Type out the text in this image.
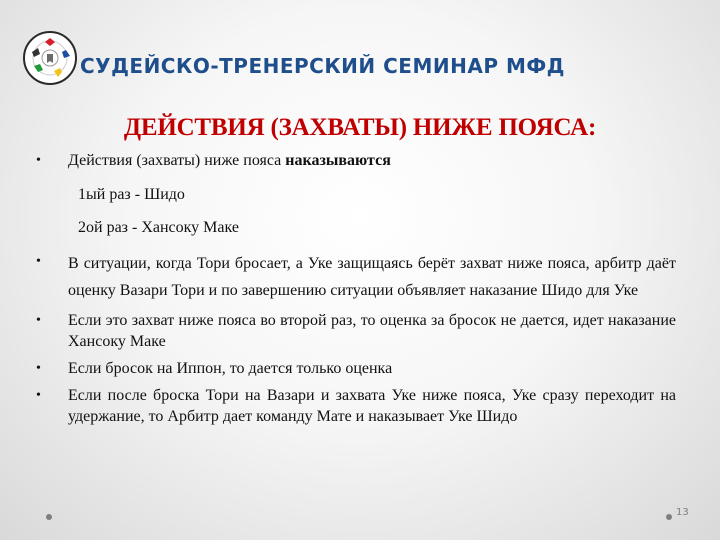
СУДЕЙСКО-ТРЕНЕРСКИЙ СЕМИНАР МФД
ДЕЙСТВИЯ (ЗАХВАТЫ) НИЖЕ ПОЯСА:
• Действия (захваты) ниже пояса наказываются
1ый раз - Шидо
2ой раз - Хансоку Маке
• В ситуации, когда Тори бросает, а Уке защищаясь берёт захват ниже пояса, арбитр даёт оценку Вазари Тори и по завершению ситуации объявляет наказание Шидо для Уке
• Если это захват ниже пояса во второй раз, то оценка за бросок не дается, идет наказание Хансоку Маке
• Если бросок на Иппон, то дается только оценка
• Если после броска Тори на Вазари и захвата Уке ниже пояса, Уке сразу переходит на удержание, то Арбитр дает команду Мате и наказывает Уке Шидо
13
